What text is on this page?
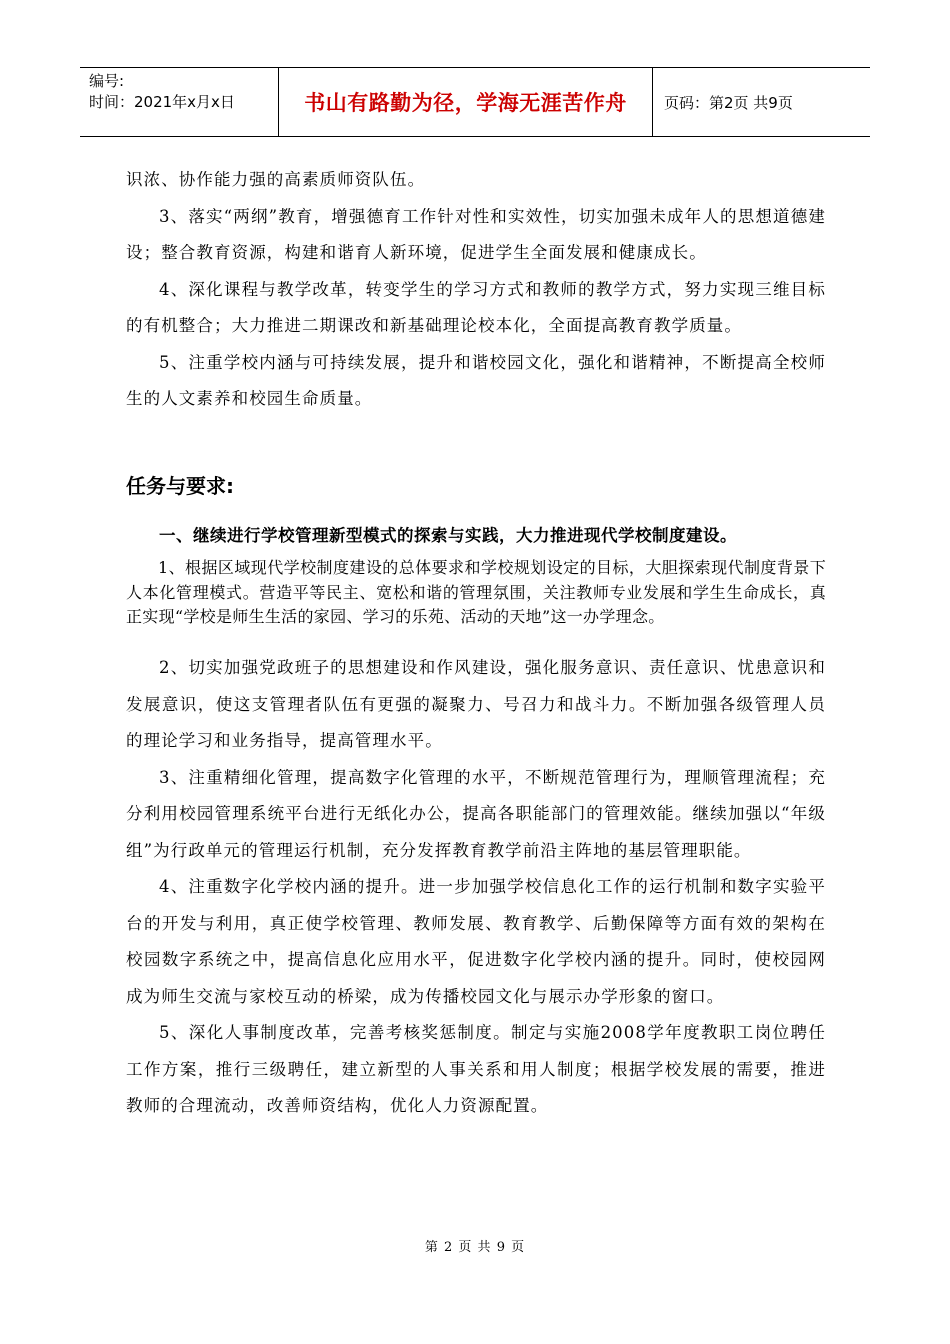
编号:
时间：2021年x月x日	书山有路勤为径，学海无涯苦作舟 页码：第2页 共9页

识浓、协作能力强的高素质师资队伍。

3、落实“两纲”教育，增强德育工作针对性和实效性，切实加强未成年人的思想道德建设；整合教育资源，构建和谐育人新环境，促进学生全面发展和健康成长。

4、深化课程与教学改革，转变学生的学习方式和教师的教学方式，努力实现三维目标的有机整合；大力推进二期课改和新基础理论校本化，全面提高教育教学质量。

5、注重学校内涵与可持续发展，提升和谐校园文化，强化和谐精神，不断提高全校师生的人文素养和校园生命质量。

任务与要求:

一、继续进行学校管理新型模式的探索与实践，大力推进现代学校制度建设。

1、根据区域现代学校制度建设的总体要求和学校规划设定的目标，大胆探索现代制度背景下人本化管理模式。营造平等民主、宽松和谐的管理氛围，关注教师专业发展和学生生命成长，真正实现“学校是师生生活的家园、学习的乐苑、活动的天地”这一办学理念。

2、切实加强党政班子的思想建设和作风建设，强化服务意识、责任意识、忧患意识和发展意识，使这支管理者队伍有更强的凝聚力、号召力和战斗力。不断加强各级管理人员的理论学习和业务指导，提高管理水平。

3、注重精细化管理，提高数字化管理的水平，不断规范管理行为，理顺管理流程；充分利用校园管理系统平台进行无纸化办公，提高各职能部门的管理效能。继续加强以“年级组”为行政单元的管理运行机制，充分发挥教育教学前沿主阵地的基层管理职能。

4、注重数字化学校内涵的提升。进一步加强学校信息化工作的运行机制和数字实验平台的开发与利用，真正使学校管理、教师发展、教育教学、后勤保障等方面有效的架构在校园数字系统之中，提高信息化应用水平，促进数字化学校内涵的提升。同时，使校园网成为师生交流与家校互动的桥梁，成为传播校园文化与展示办学形象的窗口。

5、深化人事制度改革，完善考核奖惩制度。制定与实施2008学年度教职工岗位聘任工作方案，推行三级聘任，建立新型的人事关系和用人制度；根据学校发展的需要，推进教师的合理流动，改善师资结构，优化人力资源配置。

第 2 页 共 9 页
